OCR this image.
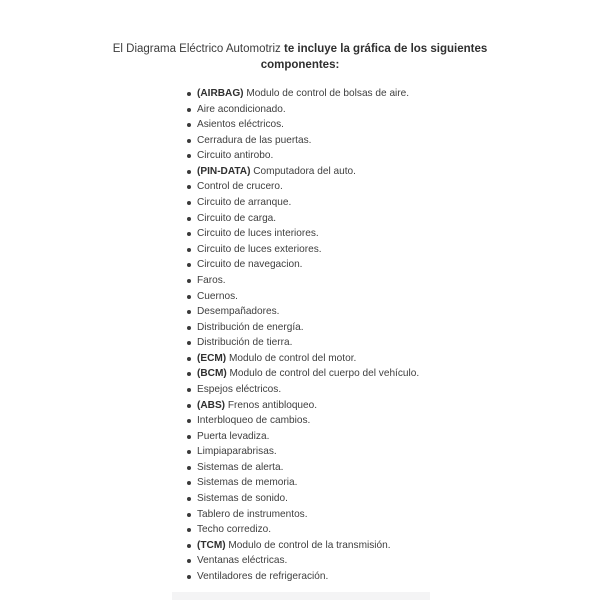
El Diagrama Eléctrico Automotriz te incluye la gráfica de los siguientes
componentes:
(AIRBAG) Modulo de control de bolsas de aire.
Aire acondicionado.
Asientos eléctricos.
Cerradura de las puertas.
Circuito antirobo.
(PIN-DATA) Computadora del auto.
Control de crucero.
Circuito de arranque.
Circuito de carga.
Circuito de luces interiores.
Circuito de luces exteriores.
Circuito de navegacion.
Faros.
Cuernos.
Desempañadores.
Distribución de energía.
Distribución de tierra.
(ECM) Modulo de control del motor.
(BCM) Modulo de control del cuerpo del vehículo.
Espejos eléctricos.
(ABS) Frenos antibloqueo.
Interbloqueo de cambios.
Puerta levadiza.
Limpiaparabrisas.
Sistemas de alerta.
Sistemas de memoria.
Sistemas de sonido.
Tablero de instrumentos.
Techo corredizo.
(TCM) Modulo de control de la transmisión.
Ventanas eléctricas.
Ventiladores de refrigeración.
